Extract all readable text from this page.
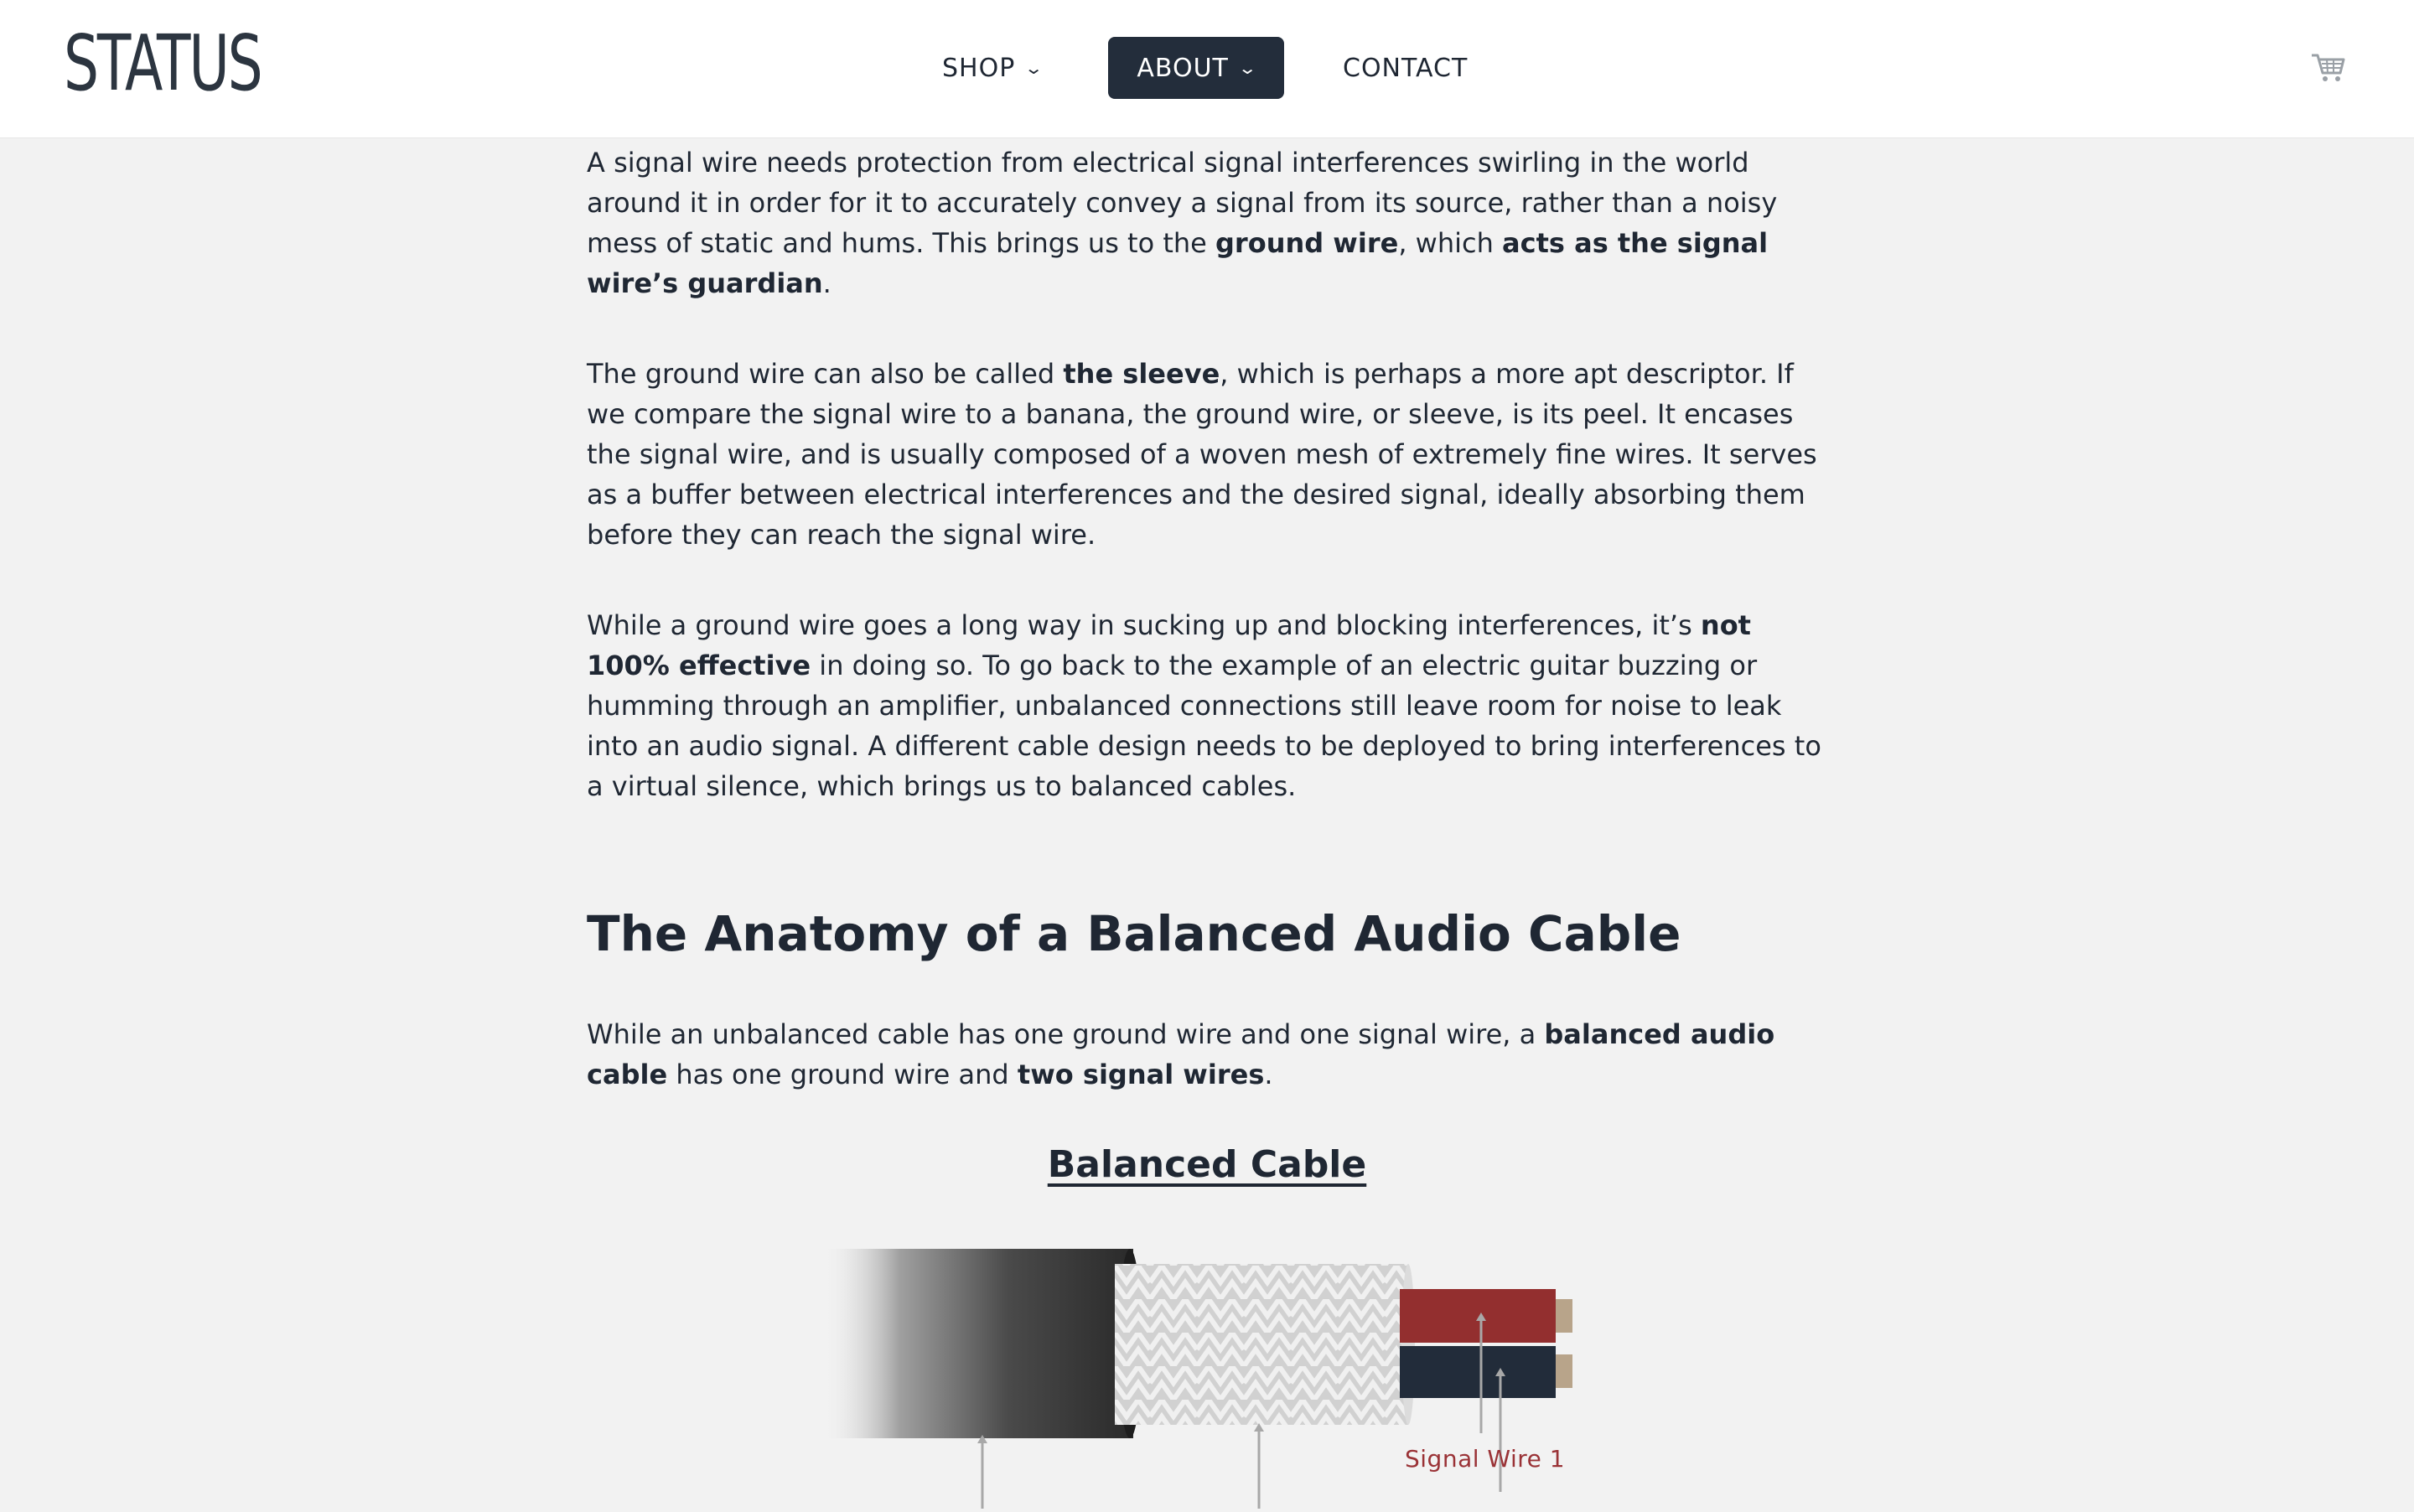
STATUS	SHOP ⌄	ABOUT ⌄	CONTACT

A signal wire needs protection from electrical signal interferences swirling in the world around it in order for it to accurately convey a signal from its source, rather than a noisy mess of static and hums. This brings us to the ground wire, which acts as the signal wire’s guardian.

The ground wire can also be called the sleeve, which is perhaps a more apt descriptor. If we compare the signal wire to a banana, the ground wire, or sleeve, is its peel. It encases the signal wire, and is usually composed of a woven mesh of extremely fine wires. It serves as a buffer between electrical interferences and the desired signal, ideally absorbing them before they can reach the signal wire.

While a ground wire goes a long way in sucking up and blocking interferences, it’s not 100% effective in doing so. To go back to the example of an electric guitar buzzing or humming through an amplifier, unbalanced connections still leave room for noise to leak into an audio signal. A different cable design needs to be deployed to bring interferences to a virtual silence, which brings us to balanced cables.

The Anatomy of a Balanced Audio Cable

While an unbalanced cable has one ground wire and one signal wire, a balanced audio cable has one ground wire and two signal wires.

Balanced Cable
Signal Wire 1
